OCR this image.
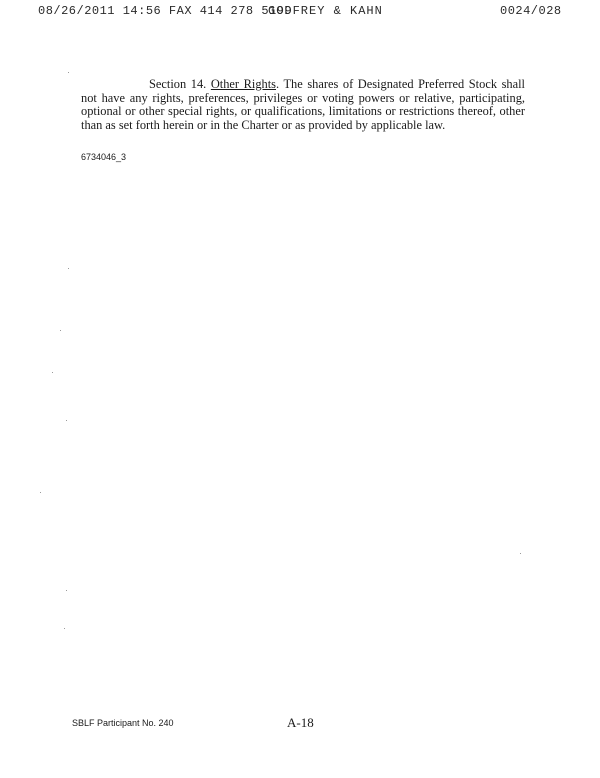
08/26/2011 14:56 FAX 414 278 5199
GODFREY & KAHN	0024/028

Section 14. Other Rights. The shares of Designated Preferred Stock shall not have any rights, preferences, privileges or voting powers or relative, participating, optional or other special rights, or qualifications, limitations or restrictions thereof, other than as set forth herein or in the Charter or as provided by applicable law.

6734046_3

SBLF Participant No. 240	A-18
